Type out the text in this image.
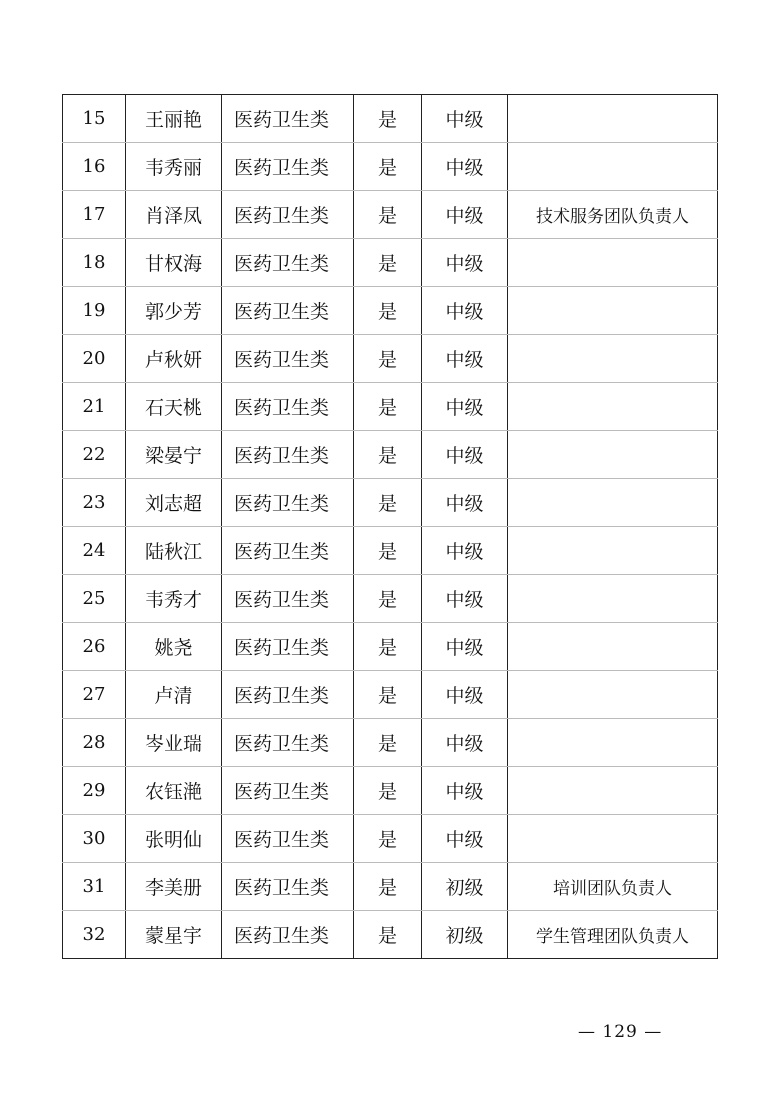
15	王丽艳	医药卫生类	是	中级	
16	韦秀丽	医药卫生类	是	中级	
17	肖泽凤	医药卫生类	是	中级	技术服务团队负责人
18	甘权海	医药卫生类	是	中级	
19	郭少芳	医药卫生类	是	中级	
20	卢秋妍	医药卫生类	是	中级	
21	石天桃	医药卫生类	是	中级	
22	梁晏宁	医药卫生类	是	中级	
23	刘志超	医药卫生类	是	中级	
24	陆秋江	医药卫生类	是	中级	
25	韦秀才	医药卫生类	是	中级	
26	姚尧	医药卫生类	是	中级	
27	卢清	医药卫生类	是	中级	
28	岑业瑞	医药卫生类	是	中级	
29	农钰滟	医药卫生类	是	中级	
30	张明仙	医药卫生类	是	中级	
31	李美册	医药卫生类	是	初级	培训团队负责人
32	蒙星宇	医药卫生类	是	初级	学生管理团队负责人
— 129 —
